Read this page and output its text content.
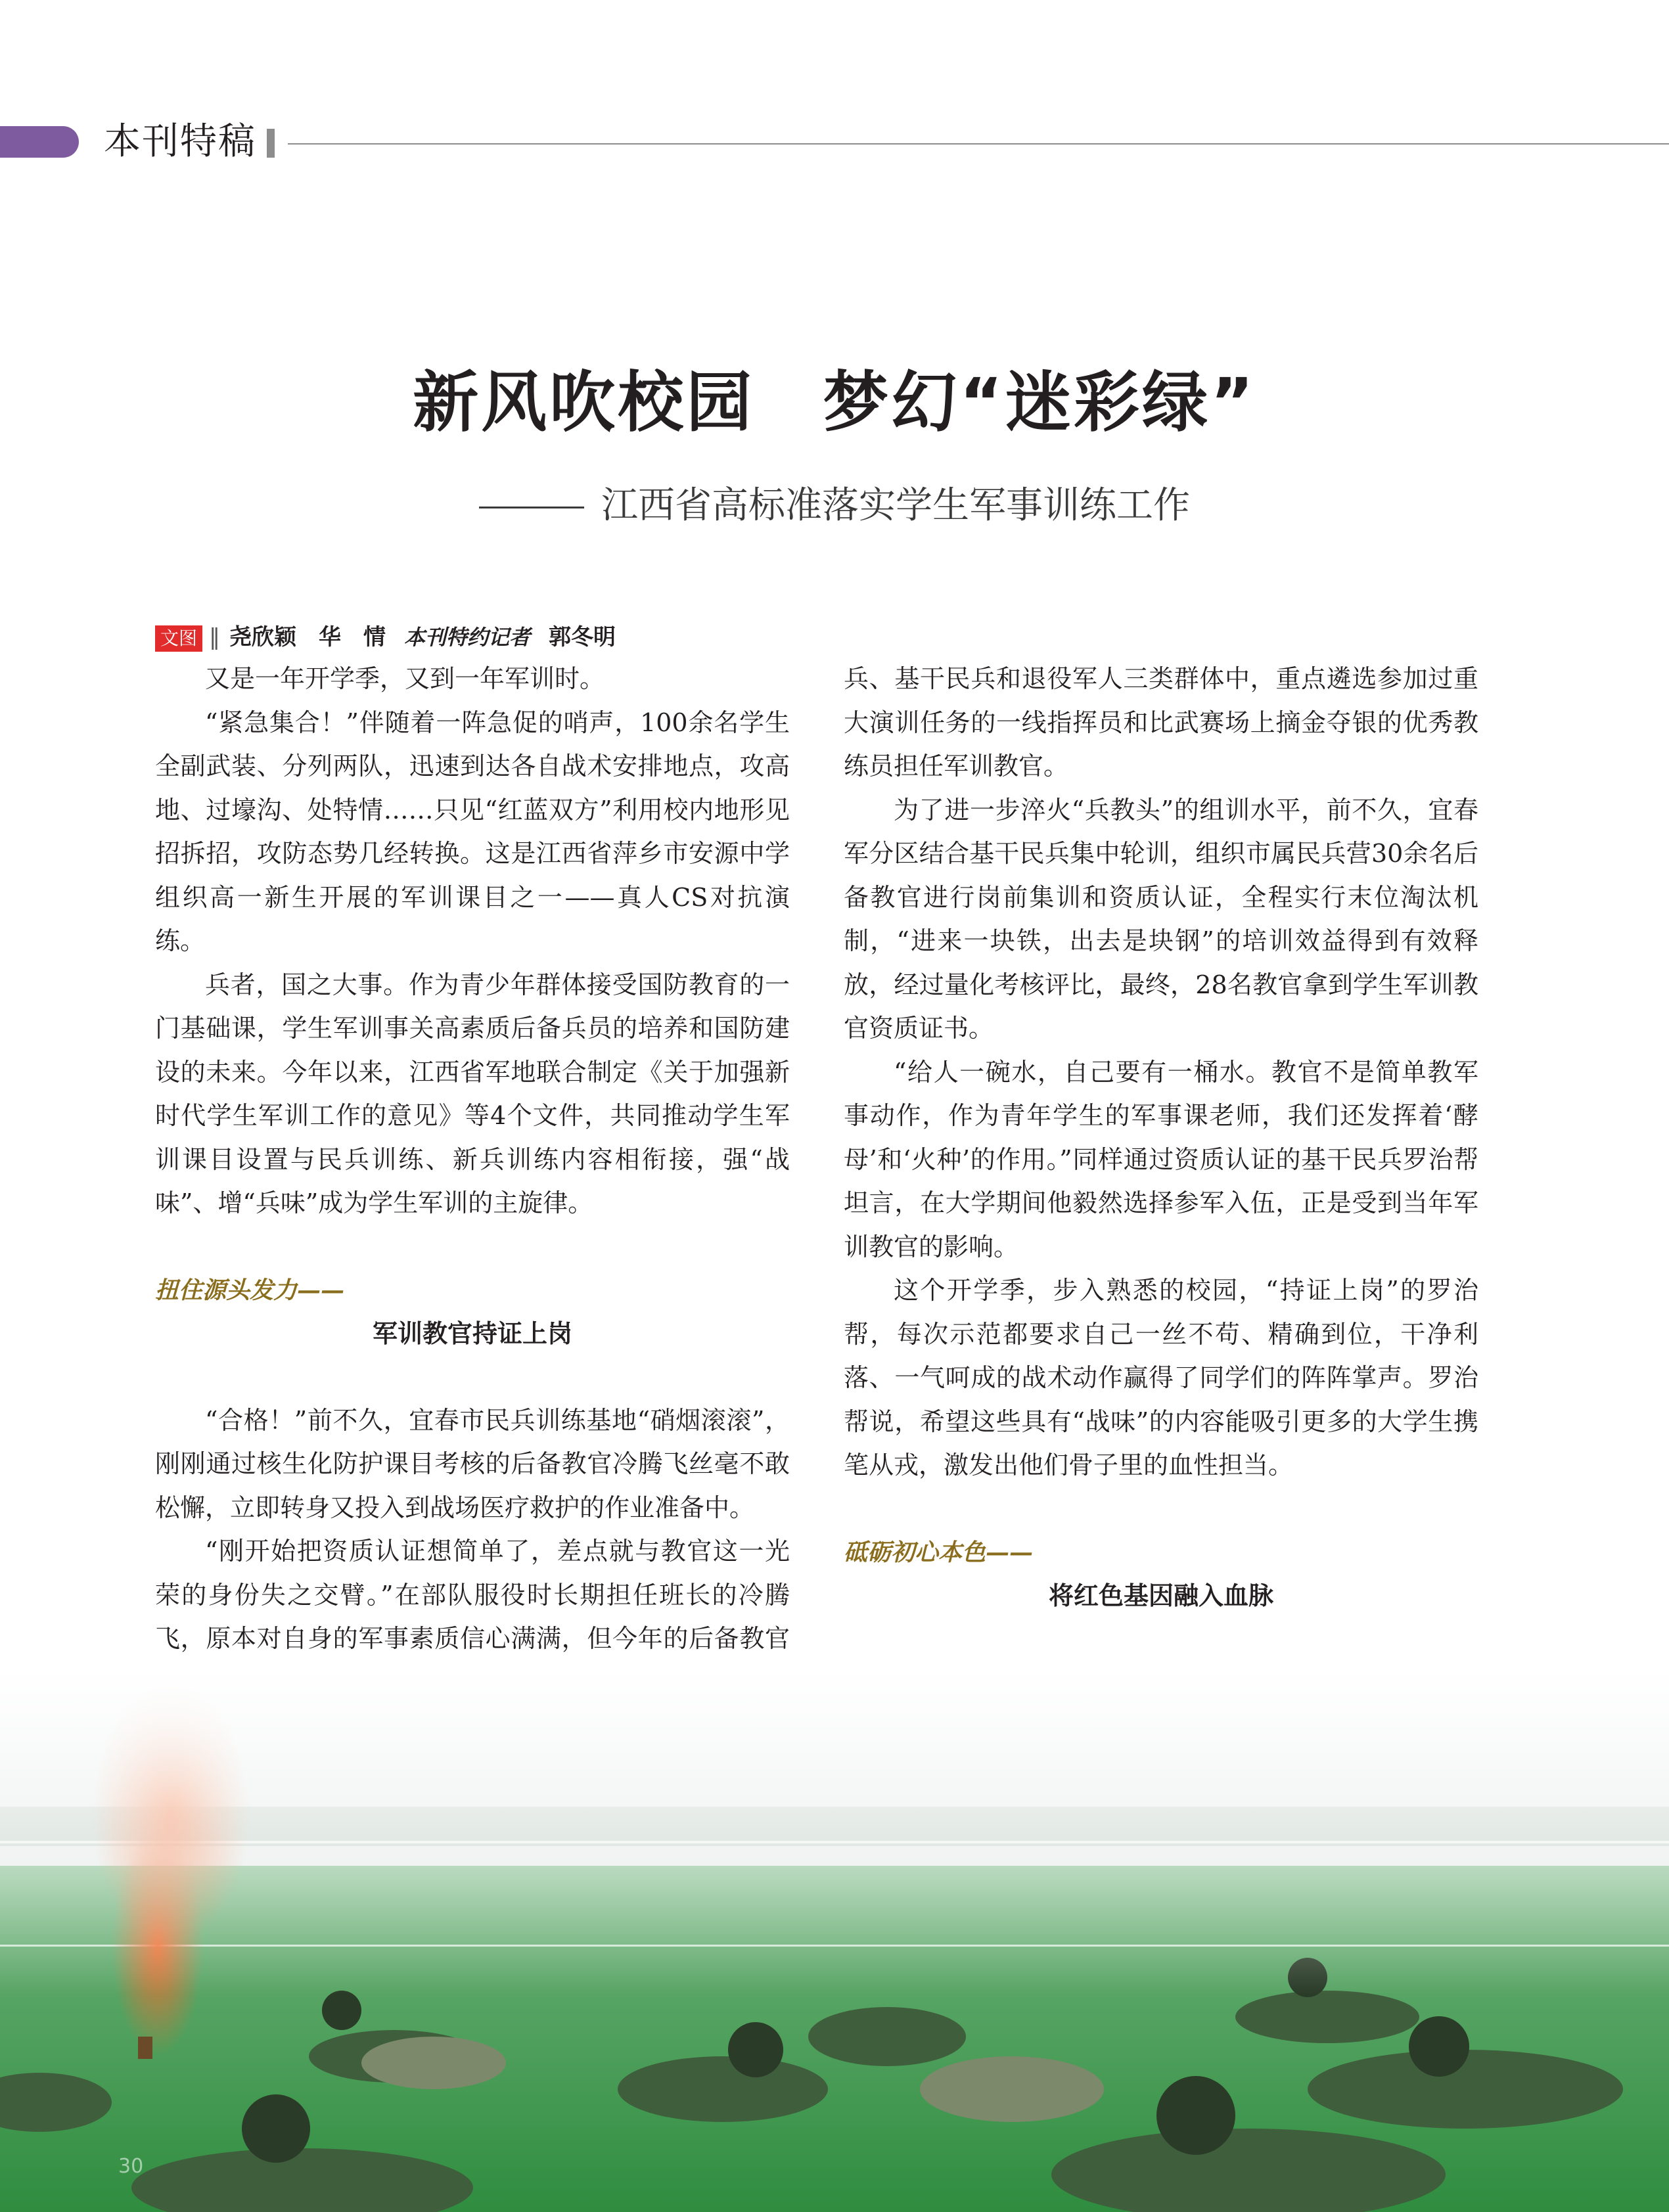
本刊特稿
新风吹校园　梦幻“迷彩绿”
江西省高标准落实学生军事训练工作
文图 ‖ 尧欣颖　华　情 本刊特约记者 郭冬明

又是一年开学季，又到一年军训时。

“紧急集合！”伴随着一阵急促的哨声，100余名学生全副武装、分列两队，迅速到达各自战术安排地点，攻高地、过壕沟、处特情……只见“红蓝双方”利用校内地形见招拆招，攻防态势几经转换。这是江西省萍乡市安源中学组织高一新生开展的军训课目之一——真人CS对抗演练。

兵者，国之大事。作为青少年群体接受国防教育的一门基础课，学生军训事关高素质后备兵员的培养和国防建设的未来。今年以来，江西省军地联合制定《关于加强新时代学生军训工作的意见》等4个文件，共同推动学生军训课目设置与民兵训练、新兵训练内容相衔接，强“战味”、增“兵味”成为学生军训的主旋律。

扭住源头发力——

军训教官持证上岗

“合格！”前不久，宜春市民兵训练基地“硝烟滚滚”，刚刚通过核生化防护课目考核的后备教官冷腾飞丝毫不敢松懈，立即转身又投入到战场医疗救护的作业准备中。

“刚开始把资质认证想简单了，差点就与教官这一光荣的身份失之交臂。”在部队服役时长期担任班长的冷腾飞，原本对自身的军事素质信心满满，但今年的后备教官

兵、基干民兵和退役军人三类群体中，重点遴选参加过重大演训任务的一线指挥员和比武赛场上摘金夺银的优秀教练员担任军训教官。

为了进一步淬火“兵教头”的组训水平，前不久，宜春军分区结合基干民兵集中轮训，组织市属民兵营30余名后备教官进行岗前集训和资质认证，全程实行末位淘汰机制，“进来一块铁，出去是块钢”的培训效益得到有效释放，经过量化考核评比，最终，28名教官拿到学生军训教官资质证书。

“给人一碗水，自己要有一桶水。教官不是简单教军事动作，作为青年学生的军事课老师，我们还发挥着‘酵母’和‘火种’的作用。”同样通过资质认证的基干民兵罗治帮坦言，在大学期间他毅然选择参军入伍，正是受到当年军训教官的影响。

这个开学季，步入熟悉的校园，“持证上岗”的罗治帮，每次示范都要求自己一丝不苟、精确到位，干净利落、一气呵成的战术动作赢得了同学们的阵阵掌声。罗治帮说，希望这些具有“战味”的内容能吸引更多的大学生携笔从戎，激发出他们骨子里的血性担当。

砥砺初心本色——

将红色基因融入血脉

30
